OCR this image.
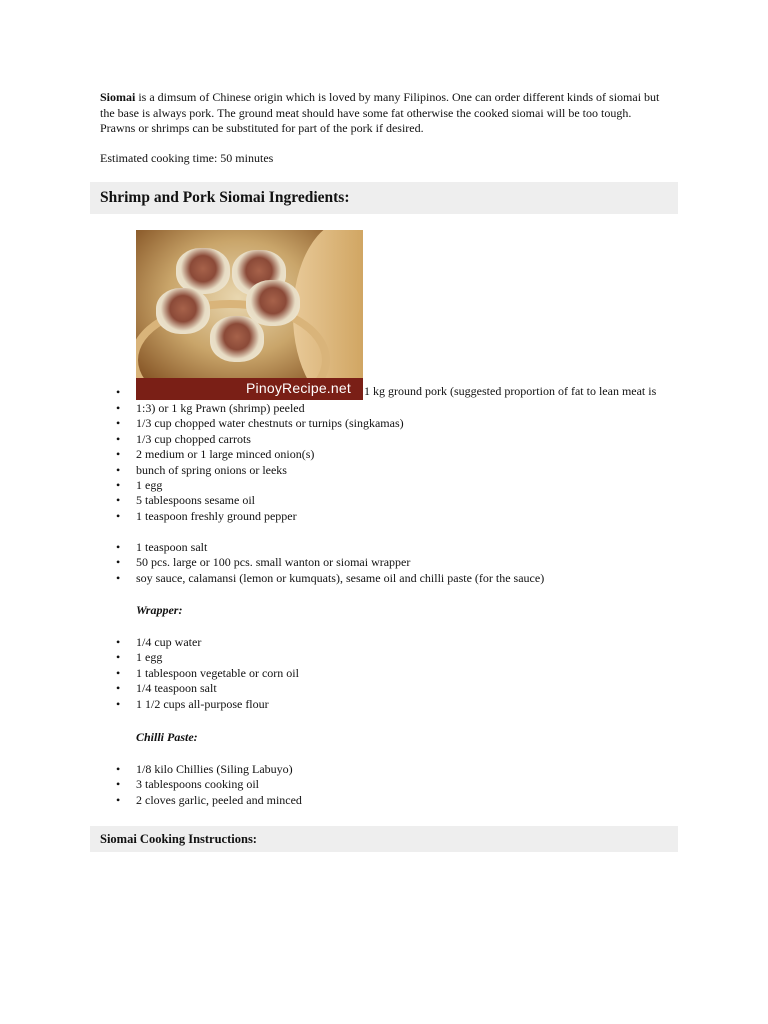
Siomai is a dimsum of Chinese origin which is loved by many Filipinos. One can order different kinds of siomai but the base is always pork. The ground meat should have some fat otherwise the cooked siomai will be too tough. Prawns or shrimps can be substituted for part of the pork if desired.

Estimated cooking time: 50 minutes

Shrimp and Pork Siomai Ingredients:
• PinoyRecipe.net 1 kg ground pork (suggested proportion of fat to lean meat is
• 1:3) or 1 kg Prawn (shrimp) peeled
• 1/3 cup chopped water chestnuts or turnips (singkamas)
• 1/3 cup chopped carrots
• 2 medium or 1 large minced onion(s)
• bunch of spring onions or leeks
• 1 egg
• 5 tablespoons sesame oil
• 1 teaspoon freshly ground pepper
• 1 teaspoon salt
• 50 pcs. large or 100 pcs. small wanton or siomai wrapper
• soy sauce, calamansi (lemon or kumquats), sesame oil and chilli paste (for the sauce)
Wrapper:
• 1/4 cup water
• 1 egg
• 1 tablespoon vegetable or corn oil
• 1/4 teaspoon salt
• 1 1/2 cups all-purpose flour
Chilli Paste:
• 1/8 kilo Chillies (Siling Labuyo)
• 3 tablespoons cooking oil
• 2 cloves garlic, peeled and minced
Siomai Cooking Instructions:
